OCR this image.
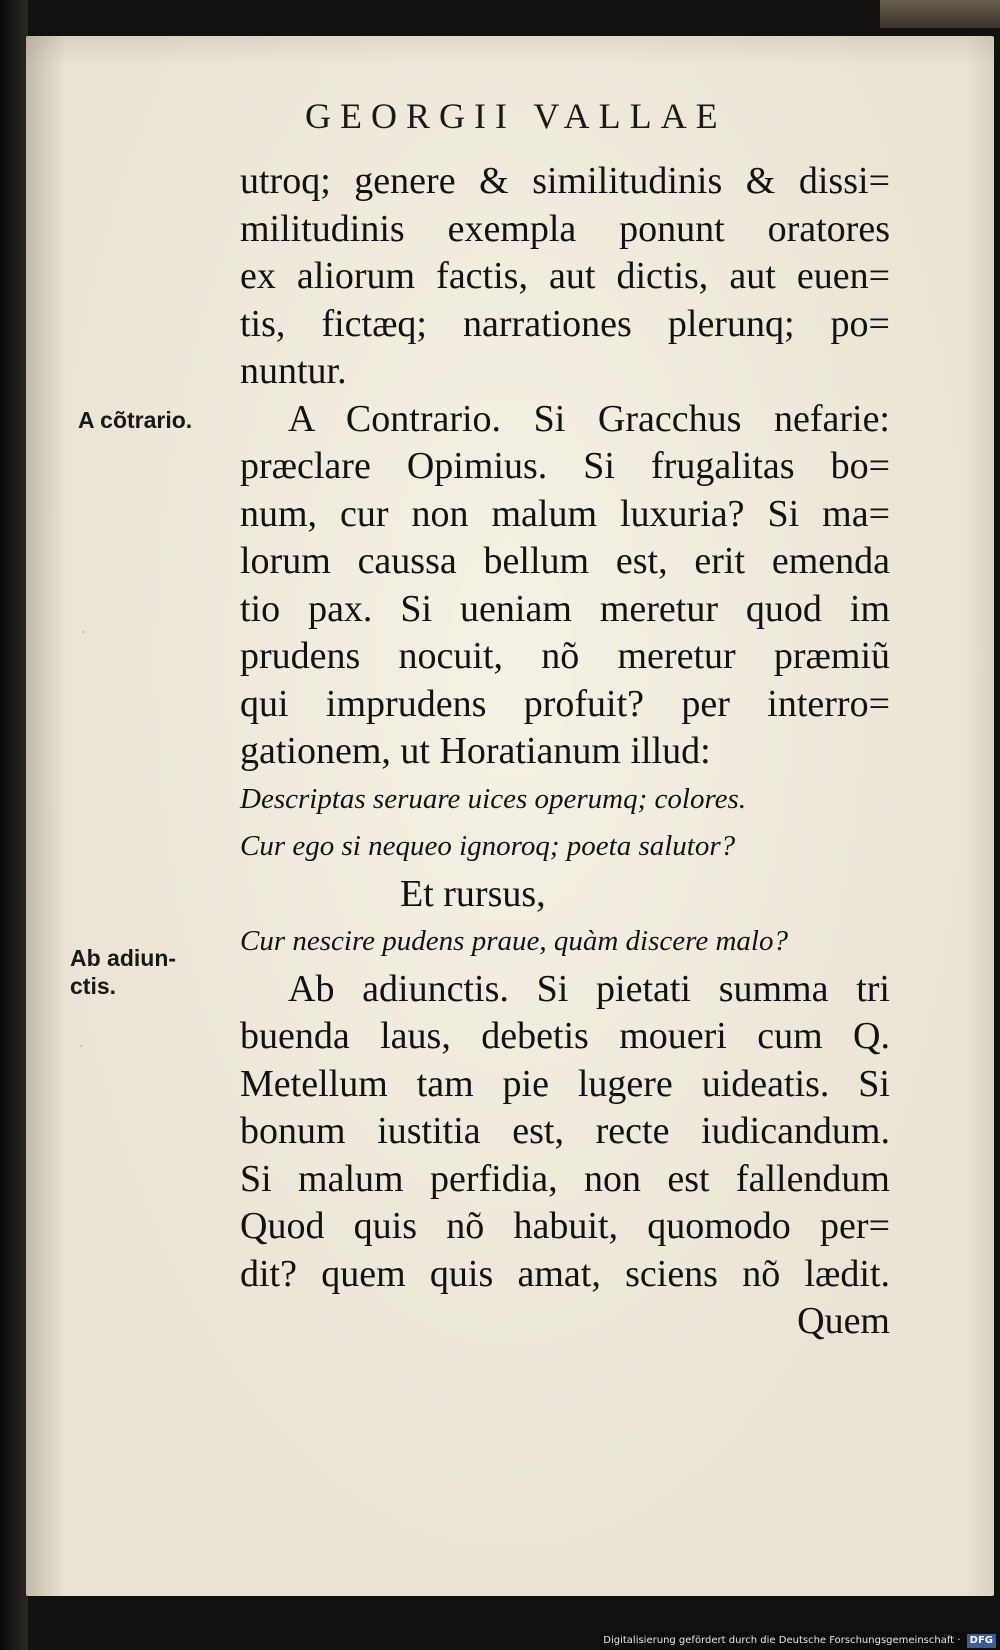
GEORGII VALLAE
A cõtrario.
Ab adiun-
ctis.
·
·
utroq; genere & similitudinis & dissi=
militudinis exempla ponunt oratores
ex aliorum factis, aut dictis, aut euen=
tis, fictæq; narrationes plerunq; po=
nuntur.
A Contrario. Si Gracchus nefarie:
præclare Opimius. Si frugalitas bo=
num, cur non malum luxuria? Si ma=
lorum caussa bellum est, erit emenda
tio pax. Si ueniam meretur quod im
prudens nocuit, nõ meretur præmiũ
qui imprudens profuit? per interro=
gationem, ut Horatianum illud:
Descriptas seruare uices operumq; colores.
Cur ego si nequeo ignoroq; poeta salutor?
Et rursus,
Cur nescire pudens praue, quàm discere malo?
Ab adiunctis. Si pietati summa tri
buenda laus, debetis moueri cum Q.
Metellum tam pie lugere uideatis. Si
bonum iustitia est, recte iudicandum.
Si malum perfidia, non est fallendum
Quod quis nõ habuit, quomodo per=
dit? quem quis amat, sciens nõ lædit.
Quem
Digitalisierung gefördert durch die Deutsche Forschungsgemeinschaft · DFG
